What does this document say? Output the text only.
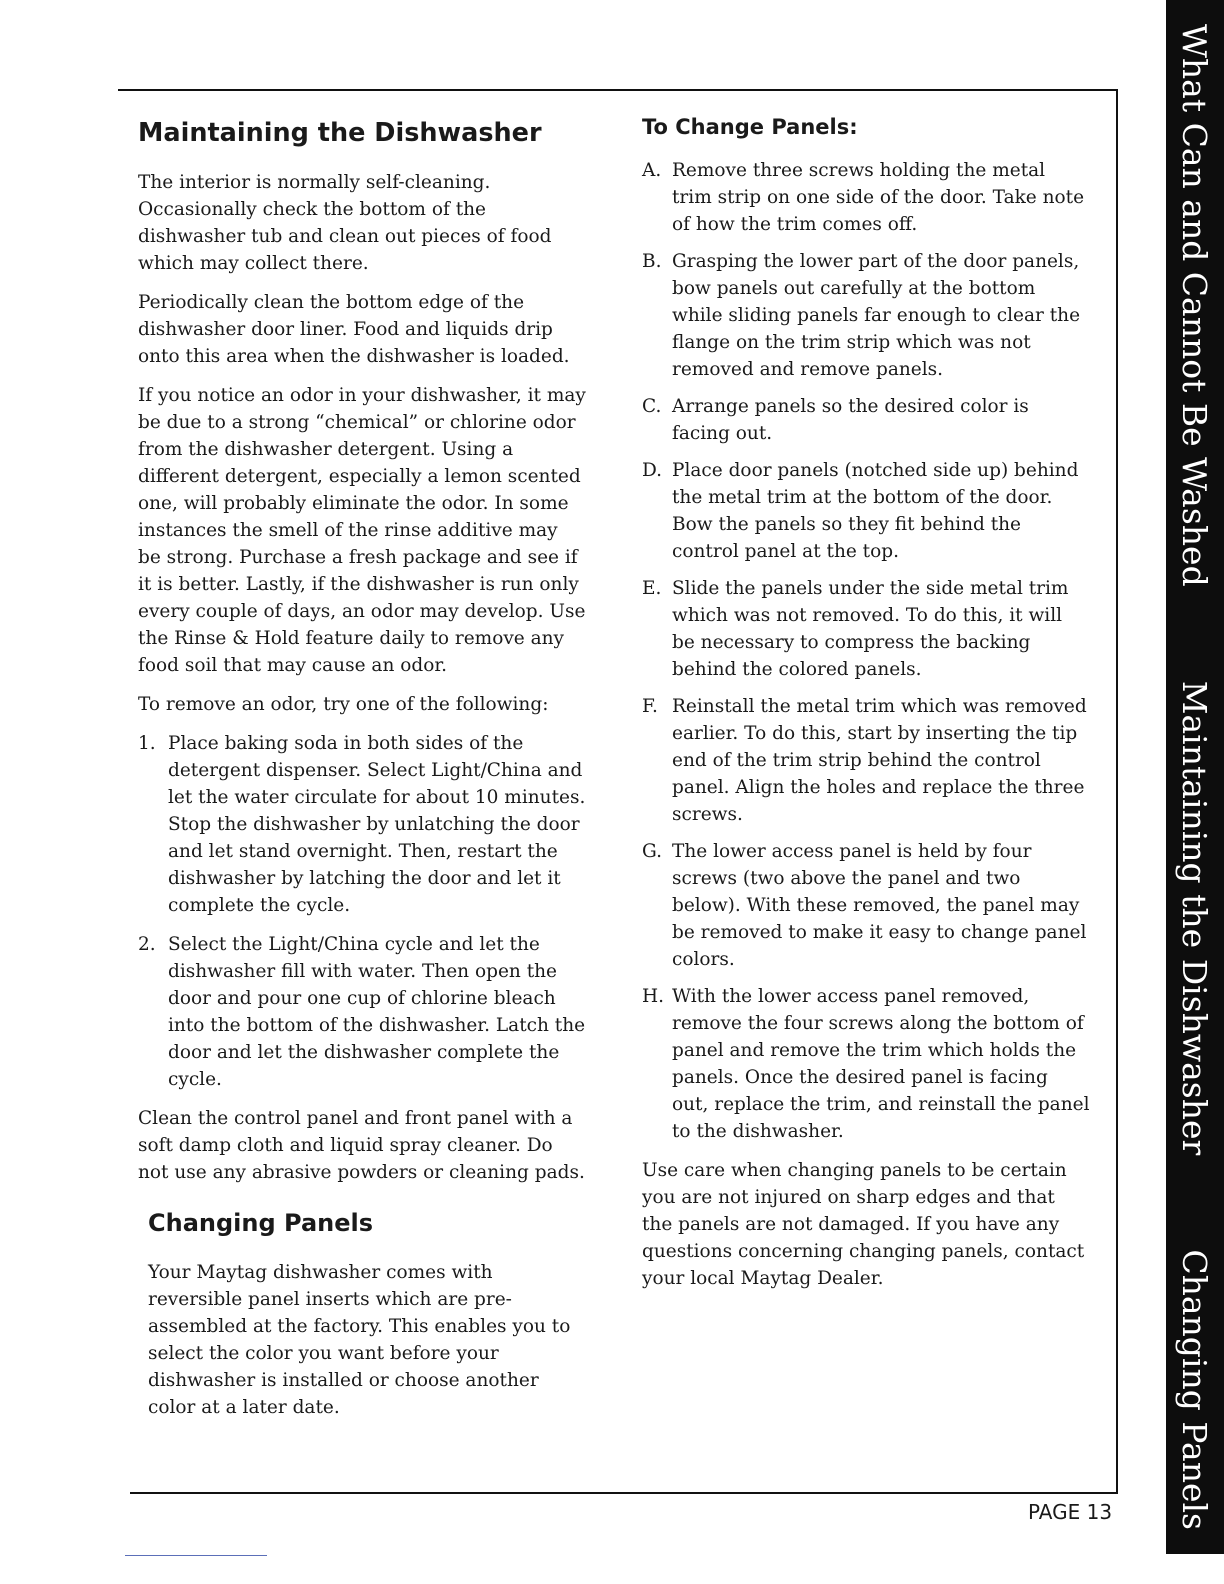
What Can and Cannot Be Washed
Maintaining the Dishwasher
Changing Panels
Maintaining the Dishwasher

The interior is normally self-cleaning. Occasionally check the bottom of the dishwasher tub and clean out pieces of food which may collect there.

Periodically clean the bottom edge of the dishwasher door liner. Food and liquids drip onto this area when the dishwasher is loaded.

If you notice an odor in your dishwasher, it may be due to a strong “chemical” or chlorine odor from the dishwasher detergent. Using a different detergent, especially a lemon scented one, will probably eliminate the odor. In some instances the smell of the rinse additive may be strong. Purchase a fresh package and see if it is better. Lastly, if the dishwasher is run only every couple of days, an odor may develop. Use the Rinse & Hold feature daily to remove any food soil that may cause an odor.

To remove an odor, try one of the following:

1. Place baking soda in both sides of the detergent dispenser. Select Light/China and let the water circulate for about 10 minutes. Stop the dishwasher by unlatching the door and let stand overnight. Then, restart the dishwasher by latching the door and let it complete the cycle.
2. Select the Light/China cycle and let the dishwasher fill with water. Then open the door and pour one cup of chlorine bleach into the bottom of the dishwasher. Latch the door and let the dishwasher complete the cycle.

Clean the control panel and front panel with a soft damp cloth and liquid spray cleaner. Do not use any abrasive powders or cleaning pads.

Changing Panels

Your Maytag dishwasher comes with reversible panel inserts which are pre-assembled at the factory. This enables you to select the color you want before your dishwasher is installed or choose another color at a later date.

To Change Panels:
A. Remove three screws holding the metal trim strip on one side of the door. Take note of how the trim comes off.
B. Grasping the lower part of the door panels, bow panels out carefully at the bottom while sliding panels far enough to clear the flange on the trim strip which was not removed and remove panels.
C. Arrange panels so the desired color is facing out.
D. Place door panels (notched side up) behind the metal trim at the bottom of the door. Bow the panels so they fit behind the control panel at the top.
E. Slide the panels under the side metal trim which was not removed. To do this, it will be necessary to compress the backing behind the colored panels.
F. Reinstall the metal trim which was removed earlier. To do this, start by inserting the tip end of the trim strip behind the control panel. Align the holes and replace the three screws.
G. The lower access panel is held by four screws (two above the panel and two below). With these removed, the panel may be removed to make it easy to change panel colors.
H. With the lower access panel removed, remove the four screws along the bottom of panel and remove the trim which holds the panels. Once the desired panel is facing out, replace the trim, and reinstall the panel to the dishwasher.

Use care when changing panels to be certain you are not injured on sharp edges and that the panels are not damaged. If you have any questions concerning changing panels, contact your local Maytag Dealer.

PAGE 13
